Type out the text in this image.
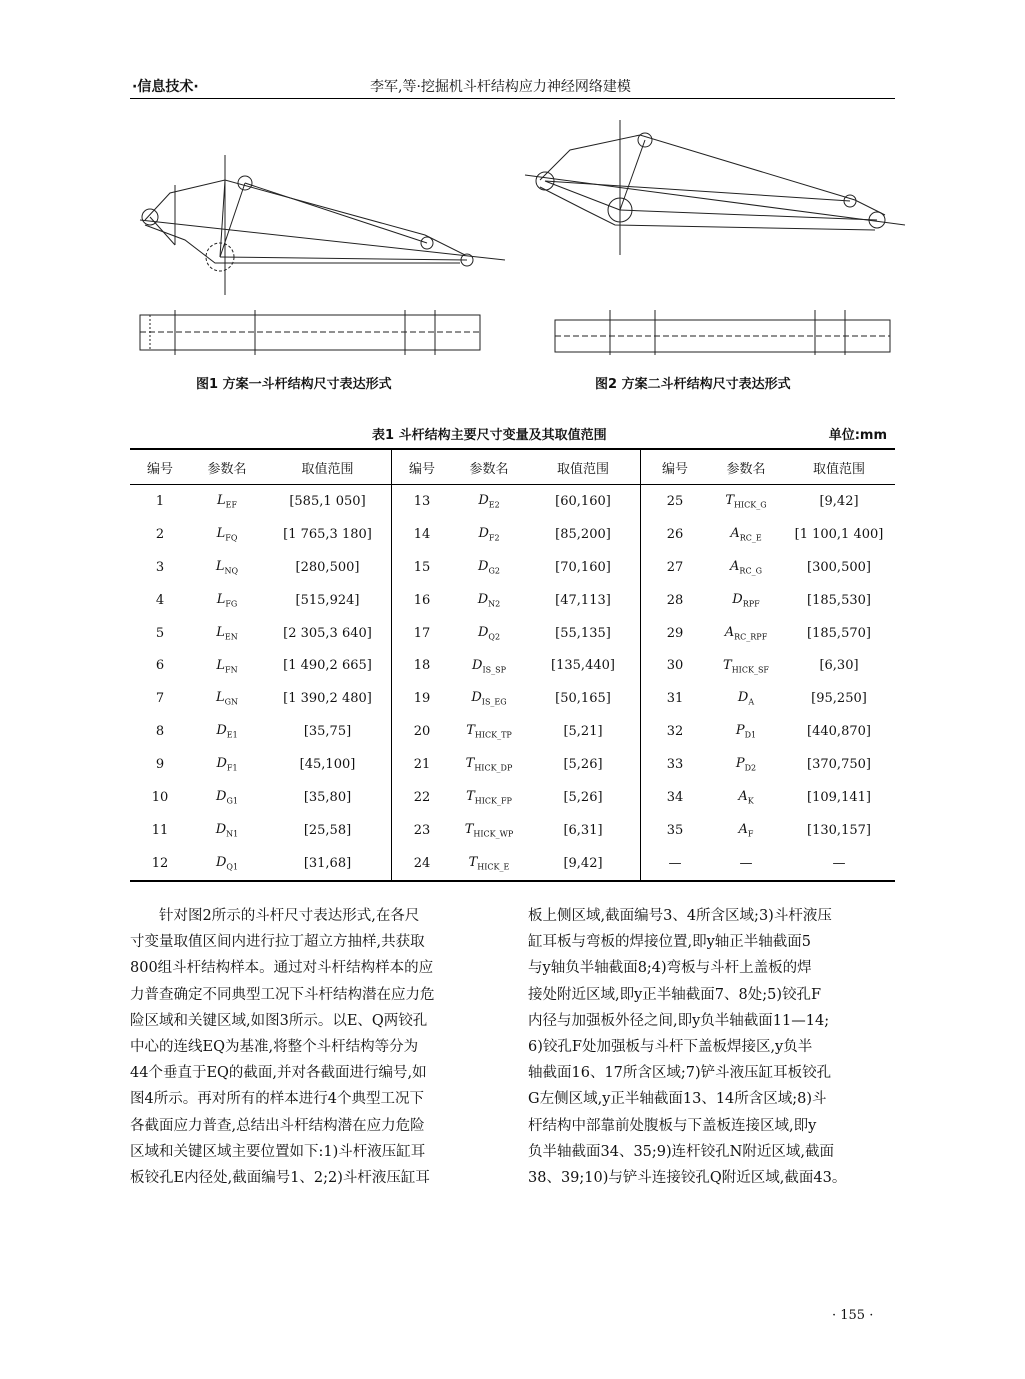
·信息技术·	李军,等·挖掘机斗杆结构应力神经网络建模
图1 方案一斗杆结构尺寸表达形式	图2 方案二斗杆结构尺寸表达形式
表1 斗杆结构主要尺寸变量及其取值范围	单位:mm
编号	参数名	取值范围	编号	参数名	取值范围	编号	参数名	取值范围
1	$L_{EF}$	[585,1 050]	13	$D_{E2}$	[60,160]	25	$T_{HICK\_G}$	[9,42]
2	$L_{FQ}$	[1 765,3 180]	14	$D_{F2}$	[85,200]	26	$A_{RC\_E}$	[1 100,1 400]
3	$L_{NQ}$	[280,500]	15	$D_{G2}$	[70,160]	27	$A_{RC\_G}$	[300,500]
4	$L_{FG}$	[515,924]	16	$D_{N2}$	[47,113]	28	$D_{RPF}$	[185,530]
5	$L_{EN}$	[2 305,3 640]	17	$D_{Q2}$	[55,135]	29	$A_{RC\_RPF}$	[185,570]
6	$L_{FN}$	[1 490,2 665]	18	$D_{IS\_SP}$	[135,440]	30	$T_{HICK\_SF}$	[6,30]
7	$L_{GN}$	[1 390,2 480]	19	$D_{IS\_EG}$	[50,165]	31	$D_A$	[95,250]
8	$D_{E1}$	[35,75]	20	$T_{HICK\_TP}$	[5,21]	32	$P_{D1}$	[440,870]
9	$D_{F1}$	[45,100]	21	$T_{HICK\_DP}$	[5,26]	33	$P_{D2}$	[370,750]
10	$D_{G1}$	[35,80]	22	$T_{HICK\_FP}$	[5,26]	34	$A_K$	[109,141]
11	$D_{N1}$	[25,58]	23	$T_{HICK\_WP}$	[6,31]	35	$A_F$	[130,157]
12	$D_{Q1}$	[31,68]	24	$T_{HICK\_E}$	[9,42]	—	—	—
针对图2所示的斗杆尺寸表达形式,在各尺
寸变量取值区间内进行拉丁超立方抽样,共获取
800组斗杆结构样本。通过对斗杆结构样本的应
力普查确定不同典型工况下斗杆结构潜在应力危
险区域和关键区域,如图3所示。以E、Q两铰孔
中心的连线EQ为基准,将整个斗杆结构等分为
44个垂直于EQ的截面,并对各截面进行编号,如
图4所示。再对所有的样本进行4个典型工况下
各截面应力普查,总结出斗杆结构潜在应力危险
区域和关键区域主要位置如下:1)斗杆液压缸耳
板铰孔E内径处,截面编号1、2;2)斗杆液压缸耳
板上侧区域,截面编号3、4所含区域;3)斗杆液压
缸耳板与弯板的焊接位置,即y轴正半轴截面5
与y轴负半轴截面8;4)弯板与斗杆上盖板的焊
接处附近区域,即y正半轴截面7、8处;5)铰孔F
内径与加强板外径之间,即y负半轴截面11—14;
6)铰孔F处加强板与斗杆下盖板焊接区,y负半
轴截面16、17所含区域;7)铲斗液压缸耳板铰孔
G左侧区域,y正半轴截面13、14所含区域;8)斗
杆结构中部靠前处腹板与下盖板连接区域,即y
负半轴截面34、35;9)连杆铰孔N附近区域,截面
38、39;10)与铲斗连接铰孔Q附近区域,截面43。
· 155 ·
